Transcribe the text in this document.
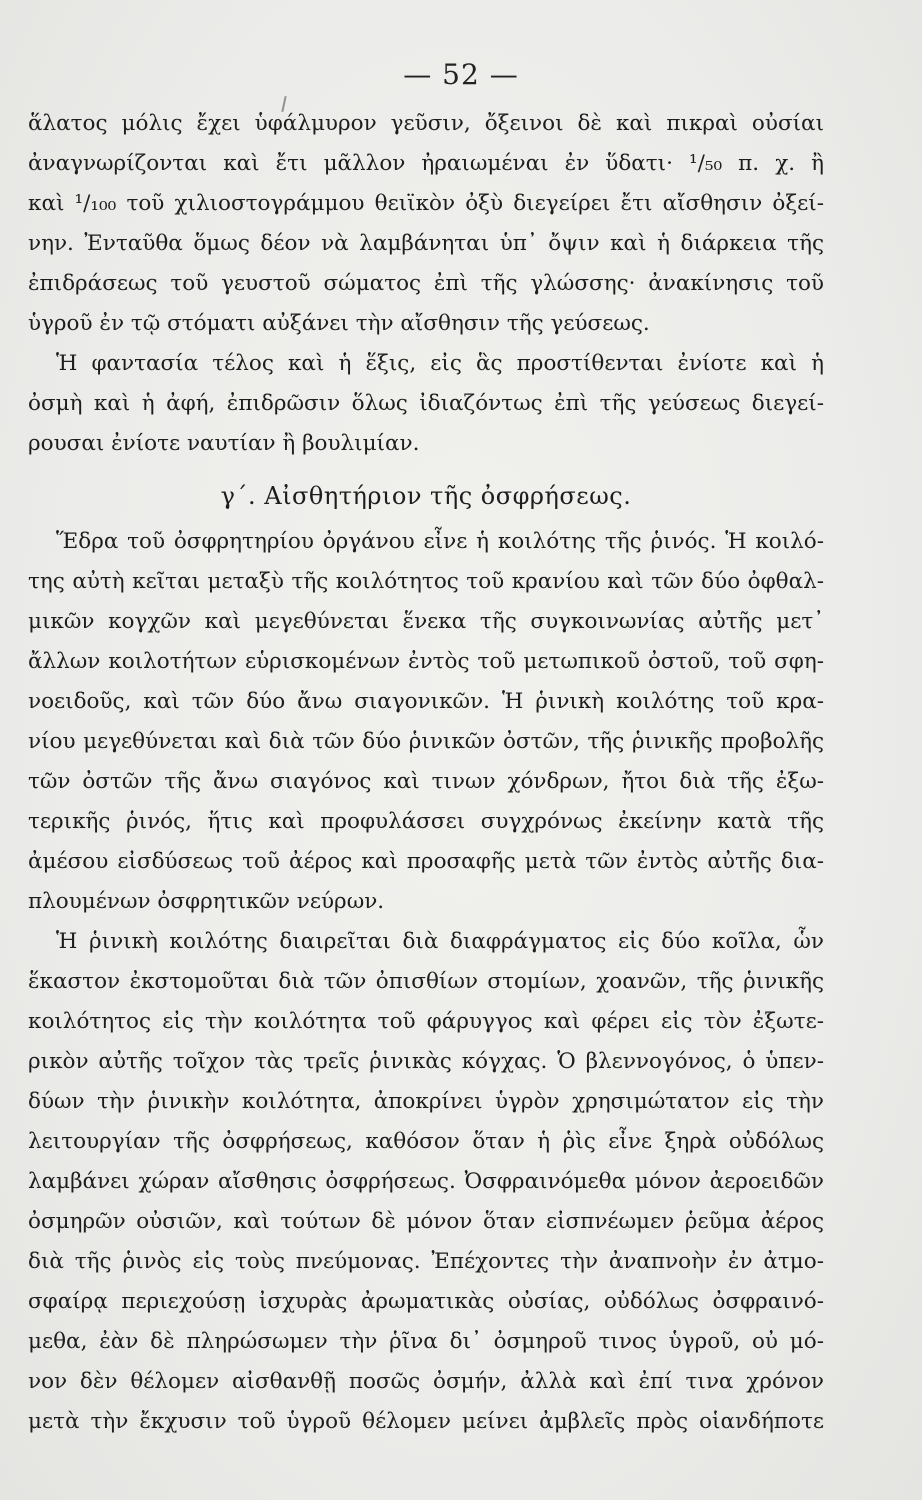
— 52 —
ἅλατος μόλις ἔχει ὑφάλμυρον γεῦσιν, ὄξεινοι δὲ καὶ πικραὶ οὐσίαι
ἀναγνωρίζονται καὶ ἔτι μᾶλλον ἠραιωμέναι ἐν ὕδατι· ¹/₅₀ π. χ. ἢ
καὶ ¹/₁₀₀ τοῦ χιλιοστογράμμου θειϊκὸν ὀξὺ διεγείρει ἔτι αἴσθησιν ὀξεί-
νην. Ἐνταῦθα ὅμως δέον νὰ λαμβάνηται ὑπ᾿ ὄψιν καὶ ἡ διάρκεια τῆς
ἐπιδράσεως τοῦ γευστοῦ σώματος ἐπὶ τῆς γλώσσης· ἀνακίνησις τοῦ
ὑγροῦ ἐν τῷ στόματι αὐξάνει τὴν αἴσθησιν τῆς γεύσεως.
Ἡ φαντασία τέλος καὶ ἡ ἕξις, εἰς ἃς προστίθενται ἐνίοτε καὶ ἡ
ὀσμὴ καὶ ἡ ἀφή, ἐπιδρῶσιν ὅλως ἰδιαζόντως ἐπὶ τῆς γεύσεως διεγεί-
ρουσαι ἐνίοτε ναυτίαν ἢ βουλιμίαν.
γ΄. Αἰσθητήριον τῆς ὀσφρήσεως.
Ἕδρα τοῦ ὀσφρητηρίου ὀργάνου εἶνε ἡ κοιλότης τῆς ῥινός. Ἡ κοιλό-
της αὐτὴ κεῖται μεταξὺ τῆς κοιλότητος τοῦ κρανίου καὶ τῶν δύο ὀφθαλ-
μικῶν κογχῶν καὶ μεγεθύνεται ἕνεκα τῆς συγκοινωνίας αὐτῆς μετ᾿
ἄλλων κοιλοτήτων εὑρισκομένων ἐντὸς τοῦ μετωπικοῦ ὀστοῦ, τοῦ σφη-
νοειδοῦς, καὶ τῶν δύο ἄνω σιαγονικῶν. Ἡ ῥινικὴ κοιλότης τοῦ κρα-
νίου μεγεθύνεται καὶ διὰ τῶν δύο ῥινικῶν ὀστῶν, τῆς ῥινικῆς προβολῆς
τῶν ὀστῶν τῆς ἄνω σιαγόνος καὶ τινων χόνδρων, ἤτοι διὰ τῆς ἐξω-
τερικῆς ῥινός, ἥτις καὶ προφυλάσσει συγχρόνως ἐκείνην κατὰ τῆς
ἀμέσου εἰσδύσεως τοῦ ἀέρος καὶ προσαφῆς μετὰ τῶν ἐντὸς αὐτῆς δια-
πλουμένων ὀσφρητικῶν νεύρων.
Ἡ ῥινικὴ κοιλότης διαιρεῖται διὰ διαφράγματος εἰς δύο κοῖλα, ὧν
ἕκαστον ἐκστομοῦται διὰ τῶν ὀπισθίων στομίων, χοανῶν, τῆς ῥινικῆς
κοιλότητος εἰς τὴν κοιλότητα τοῦ φάρυγγος καὶ φέρει εἰς τὸν ἐξωτε-
ρικὸν αὐτῆς τοῖχον τὰς τρεῖς ῥινικὰς κόγχας. Ὁ βλεννογόνος, ὁ ὑπεν-
δύων τὴν ῥινικὴν κοιλότητα, ἀποκρίνει ὑγρὸν χρησιμώτατον εἰς τὴν
λειτουργίαν τῆς ὀσφρήσεως, καθόσον ὅταν ἡ ῥὶς εἶνε ξηρὰ οὐδόλως
λαμβάνει χώραν αἴσθησις ὀσφρήσεως. Ὀσφραινόμεθα μόνον ἀεροειδῶν
ὀσμηρῶν οὐσιῶν, καὶ τούτων δὲ μόνον ὅταν εἰσπνέωμεν ῥεῦμα ἀέρος
διὰ τῆς ῥινὸς εἰς τοὺς πνεύμονας. Ἐπέχοντες τὴν ἀναπνοὴν ἐν ἀτμο-
σφαίρᾳ περιεχούσῃ ἰσχυρὰς ἀρωματικὰς οὐσίας, οὐδόλως ὀσφραινό-
μεθα, ἐὰν δὲ πληρώσωμεν τὴν ῥῖνα δι᾿ ὀσμηροῦ τινος ὑγροῦ, οὐ μό-
νον δὲν θέλομεν αἰσθανθῇ ποσῶς ὀσμήν, ἀλλὰ καὶ ἐπί τινα χρόνον
μετὰ τὴν ἔκχυσιν τοῦ ὑγροῦ θέλομεν μείνει ἀμβλεῖς πρὸς οἱανδήποτε
